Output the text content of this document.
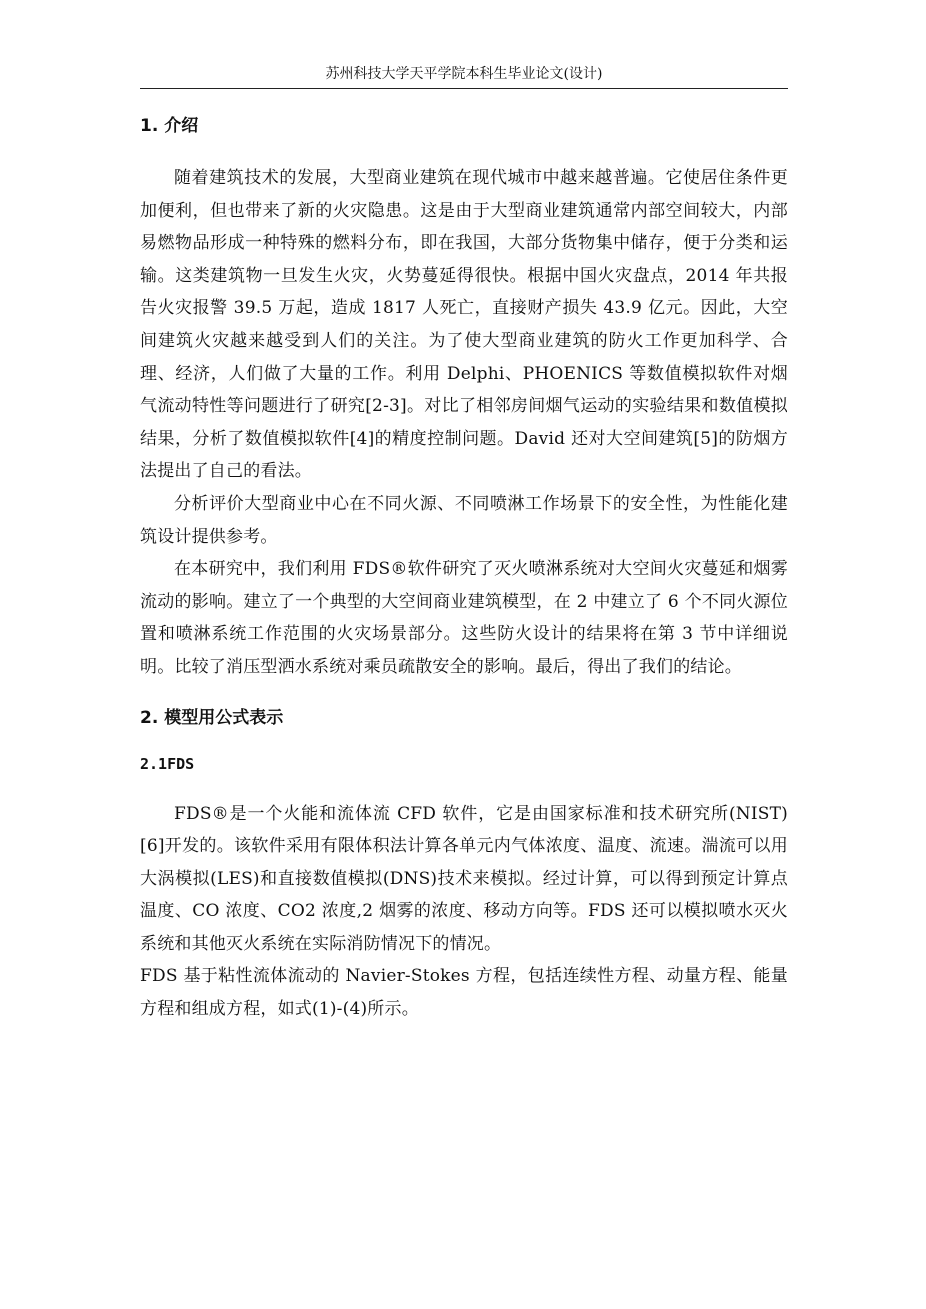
苏州科技大学天平学院本科生毕业论文(设计)
1. 介绍

随着建筑技术的发展，大型商业建筑在现代城市中越来越普遍。它使居住条件更加便利，但也带来了新的火灾隐患。这是由于大型商业建筑通常内部空间较大，内部易燃物品形成一种特殊的燃料分布，即在我国，大部分货物集中储存，便于分类和运输。这类建筑物一旦发生火灾，火势蔓延得很快。根据中国火灾盘点，2014 年共报告火灾报警 39.5 万起，造成 1817 人死亡，直接财产损失 43.9 亿元。因此，大空间建筑火灾越来越受到人们的关注。为了使大型商业建筑的防火工作更加科学、合理、经济，人们做了大量的工作。利用 Delphi、PHOENICS 等数值模拟软件对烟气流动特性等问题进行了研究[2-3]。对比了相邻房间烟气运动的实验结果和数值模拟结果，分析了数值模拟软件[4]的精度控制问题。David 还对大空间建筑[5]的防烟方法提出了自己的看法。

分析评价大型商业中心在不同火源、不同喷淋工作场景下的安全性，为性能化建筑设计提供参考。

在本研究中，我们利用 FDS®软件研究了灭火喷淋系统对大空间火灾蔓延和烟雾流动的影响。建立了一个典型的大空间商业建筑模型，在 2 中建立了 6 个不同火源位置和喷淋系统工作范围的火灾场景部分。这些防火设计的结果将在第 3 节中详细说明。比较了消压型洒水系统对乘员疏散安全的影响。最后，得出了我们的结论。

2. 模型用公式表示
2.1FDS

FDS®是一个火能和流体流 CFD 软件，它是由国家标准和技术研究所(NIST)[6]开发的。该软件采用有限体积法计算各单元内气体浓度、温度、流速。湍流可以用大涡模拟(LES)和直接数值模拟(DNS)技术来模拟。经过计算，可以得到预定计算点温度、CO 浓度、CO2 浓度,2 烟雾的浓度、移动方向等。FDS 还可以模拟喷水灭火系统和其他灭火系统在实际消防情况下的情况。

FDS 基于粘性流体流动的 Navier-Stokes 方程，包括连续性方程、动量方程、能量方程和组成方程，如式(1)-(4)所示。
